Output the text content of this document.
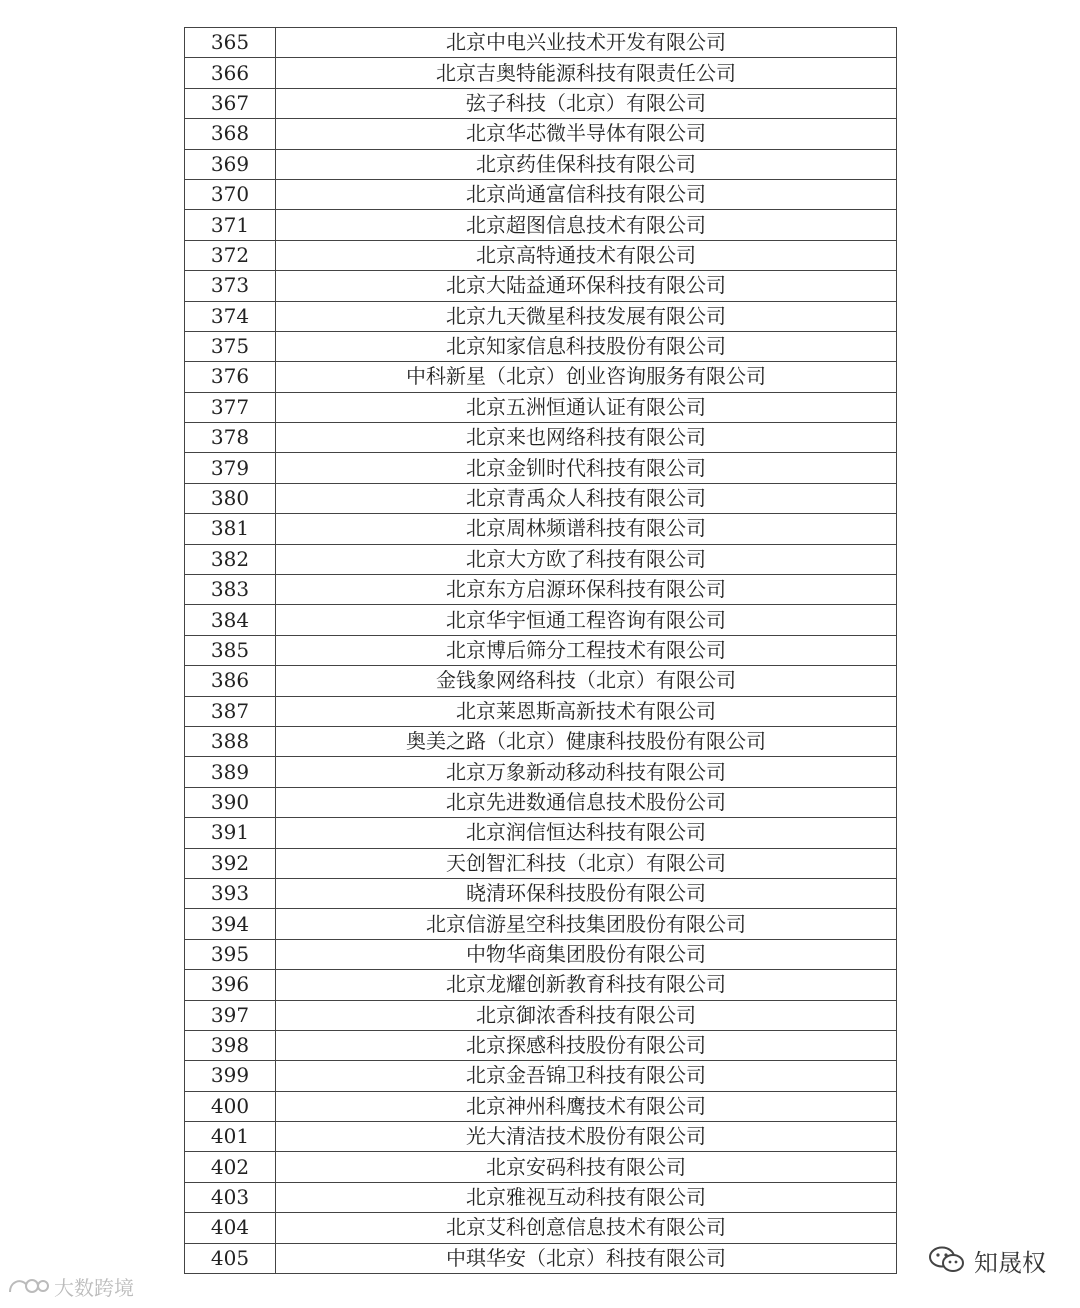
365	北京中电兴业技术开发有限公司
366	北京吉奥特能源科技有限责任公司
367	弦子科技（北京）有限公司
368	北京华芯微半导体有限公司
369	北京药佳保科技有限公司
370	北京尚通富信科技有限公司
371	北京超图信息技术有限公司
372	北京高特通技术有限公司
373	北京大陆益通环保科技有限公司
374	北京九天微星科技发展有限公司
375	北京知家信息科技股份有限公司
376	中科新星（北京）创业咨询服务有限公司
377	北京五洲恒通认证有限公司
378	北京来也网络科技有限公司
379	北京金钏时代科技有限公司
380	北京青禹众人科技有限公司
381	北京周林频谱科技有限公司
382	北京大方欧了科技有限公司
383	北京东方启源环保科技有限公司
384	北京华宇恒通工程咨询有限公司
385	北京博后筛分工程技术有限公司
386	金钱象网络科技（北京）有限公司
387	北京莱恩斯高新技术有限公司
388	奥美之路（北京）健康科技股份有限公司
389	北京万象新动移动科技有限公司
390	北京先进数通信息技术股份公司
391	北京润信恒达科技有限公司
392	天创智汇科技（北京）有限公司
393	晓清环保科技股份有限公司
394	北京信游星空科技集团股份有限公司
395	中物华商集团股份有限公司
396	北京龙耀创新教育科技有限公司
397	北京御浓香科技有限公司
398	北京探感科技股份有限公司
399	北京金吾锦卫科技有限公司
400	北京神州科鹰技术有限公司
401	光大清洁技术股份有限公司
402	北京安码科技有限公司
403	北京雅视互动科技有限公司
404	北京艾科创意信息技术有限公司
405	中琪华安（北京）科技有限公司	知晟权
大数跨境
